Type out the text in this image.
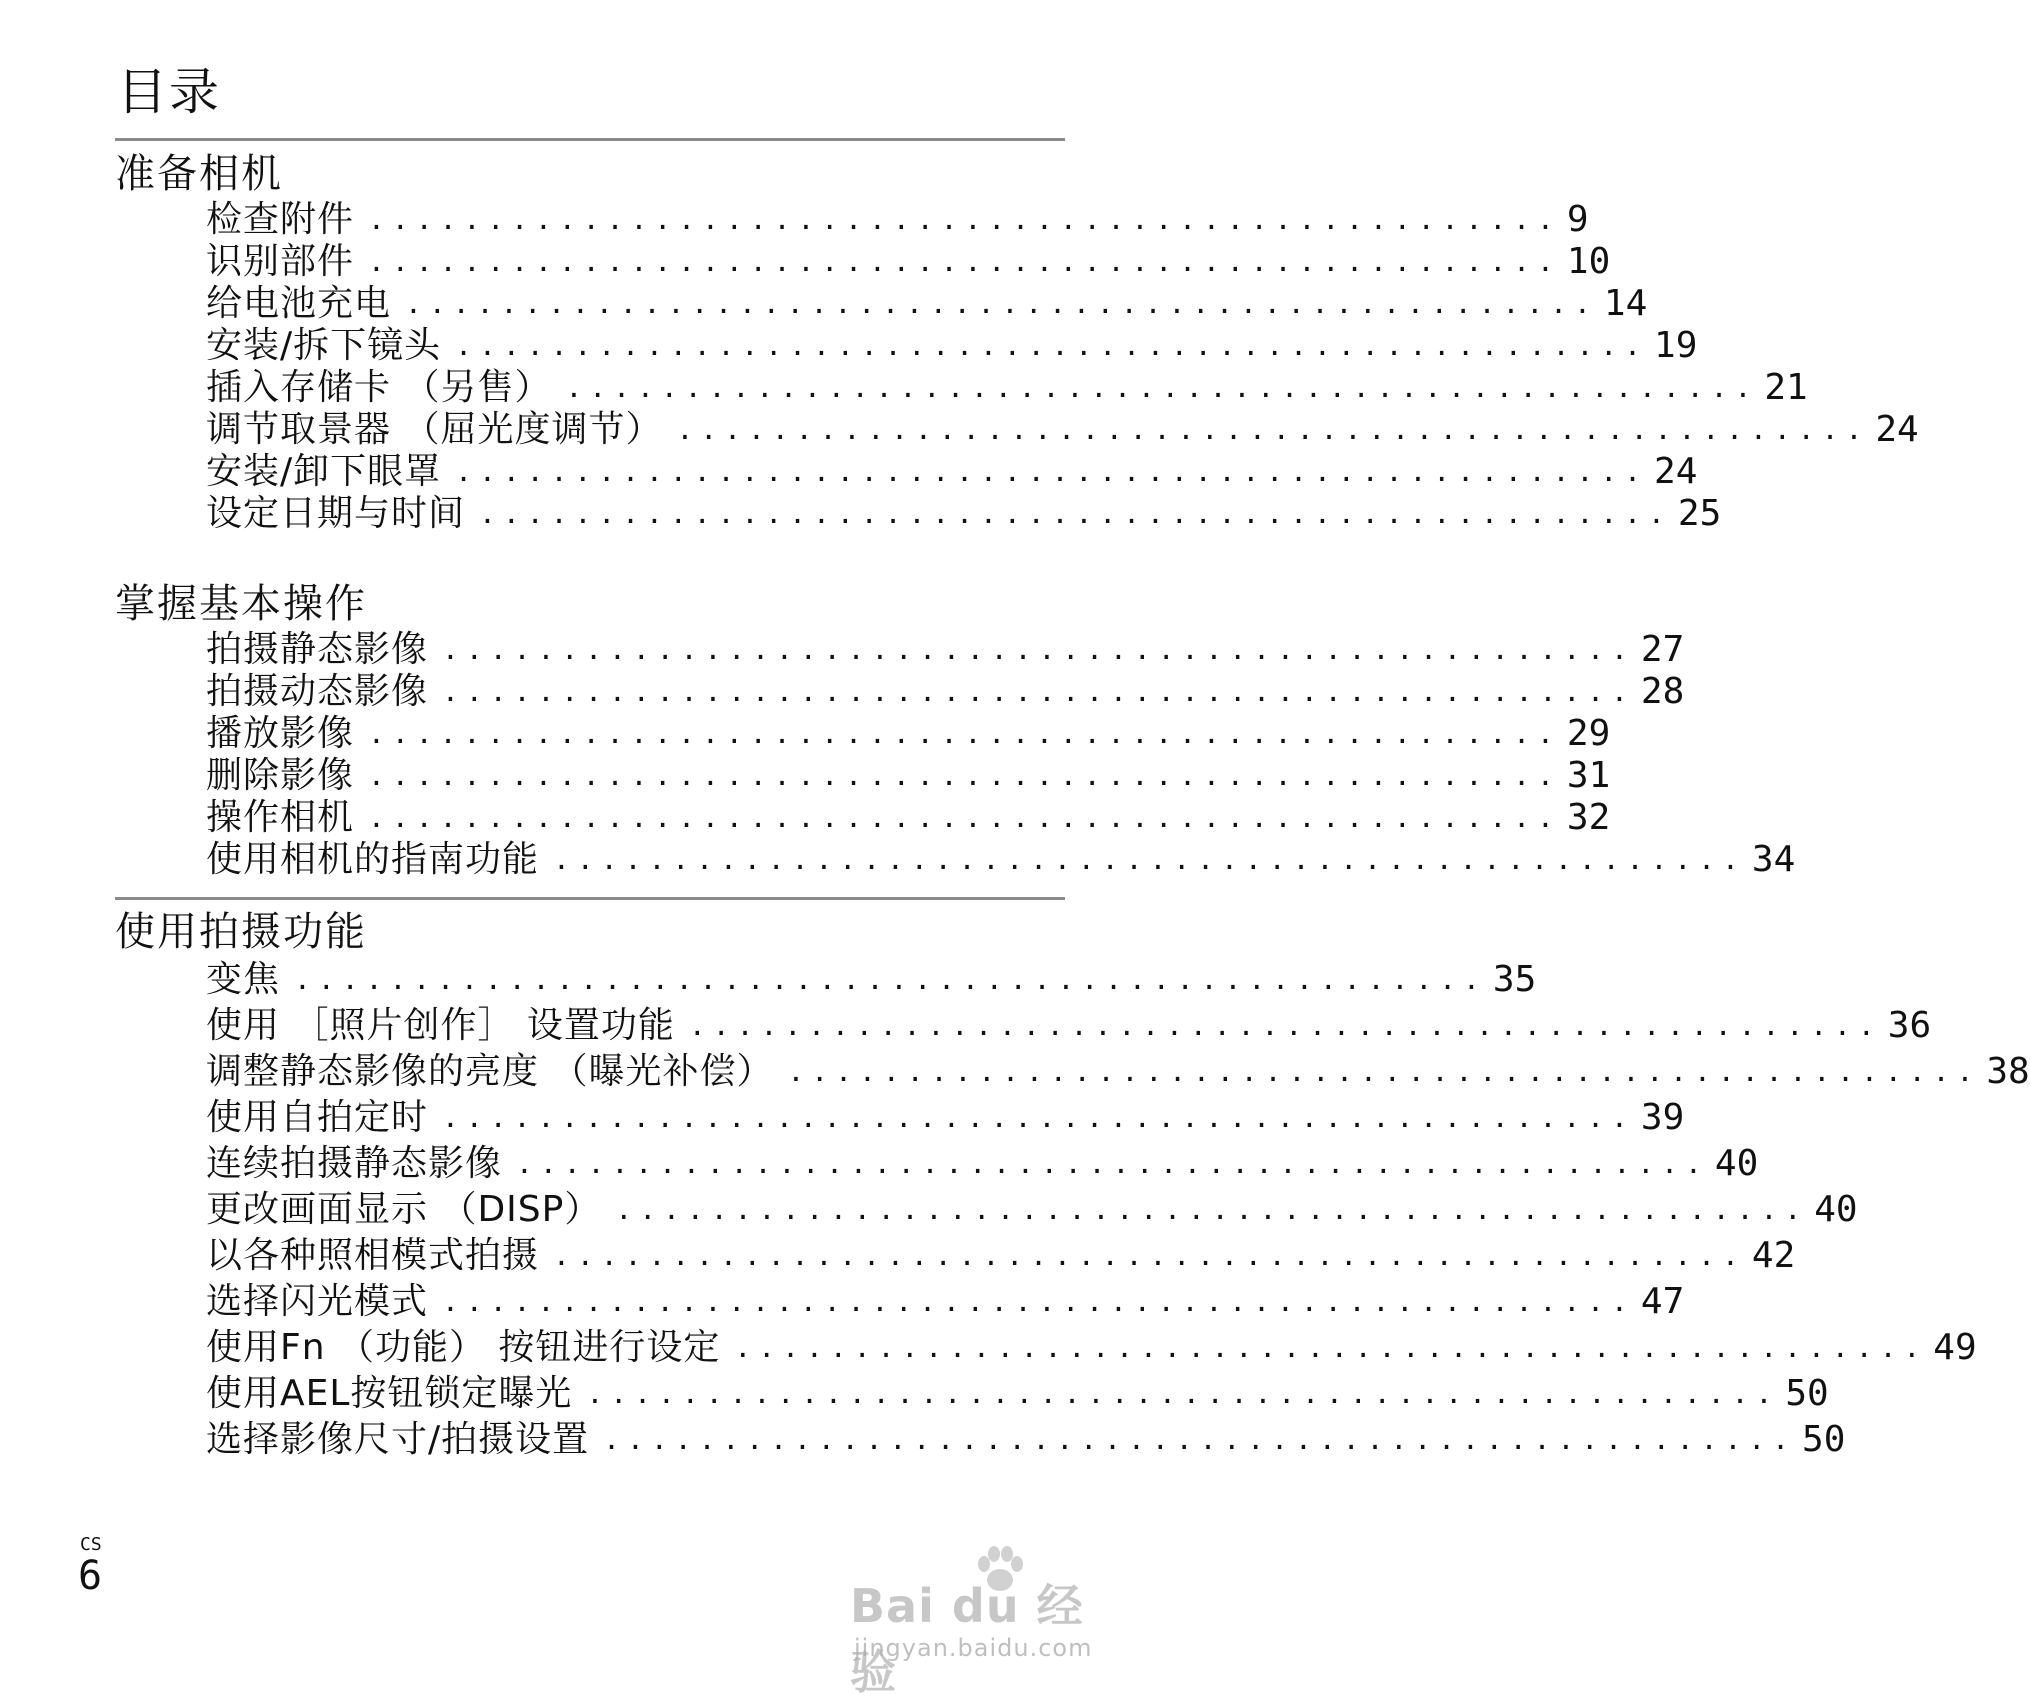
目录
准备相机
检查附件 .................................................. 9
识别部件 .................................................. 10
给电池充电 .................................................. 14
安装/拆下镜头 .................................................. 19
插入存储卡 （另售） .................................................. 21
调节取景器 （屈光度调节） .................................................. 24
安装/卸下眼罩 .................................................. 24
设定日期与时间 .................................................. 25
掌握基本操作
拍摄静态影像 .................................................. 27
拍摄动态影像 .................................................. 28
播放影像 .................................................. 29
删除影像 .................................................. 31
操作相机 .................................................. 32
使用相机的指南功能 .................................................. 34
使用拍摄功能
变焦 .................................................. 35
使用 ［照片创作］ 设置功能 .................................................. 36
调整静态影像的亮度 （曝光补偿） .................................................. 38
使用自拍定时 .................................................. 39
连续拍摄静态影像 .................................................. 40
更改画面显示 （DISP） .................................................. 40
以各种照相模式拍摄 .................................................. 42
选择闪光模式 .................................................. 47
使用Fn （功能） 按钮进行设定 .................................................. 49
使用AEL按钮锁定曝光 .................................................. 50
选择影像尺寸/拍摄设置 .................................................. 50
CS
6
Bai du 经验
jingyan.baidu.com
